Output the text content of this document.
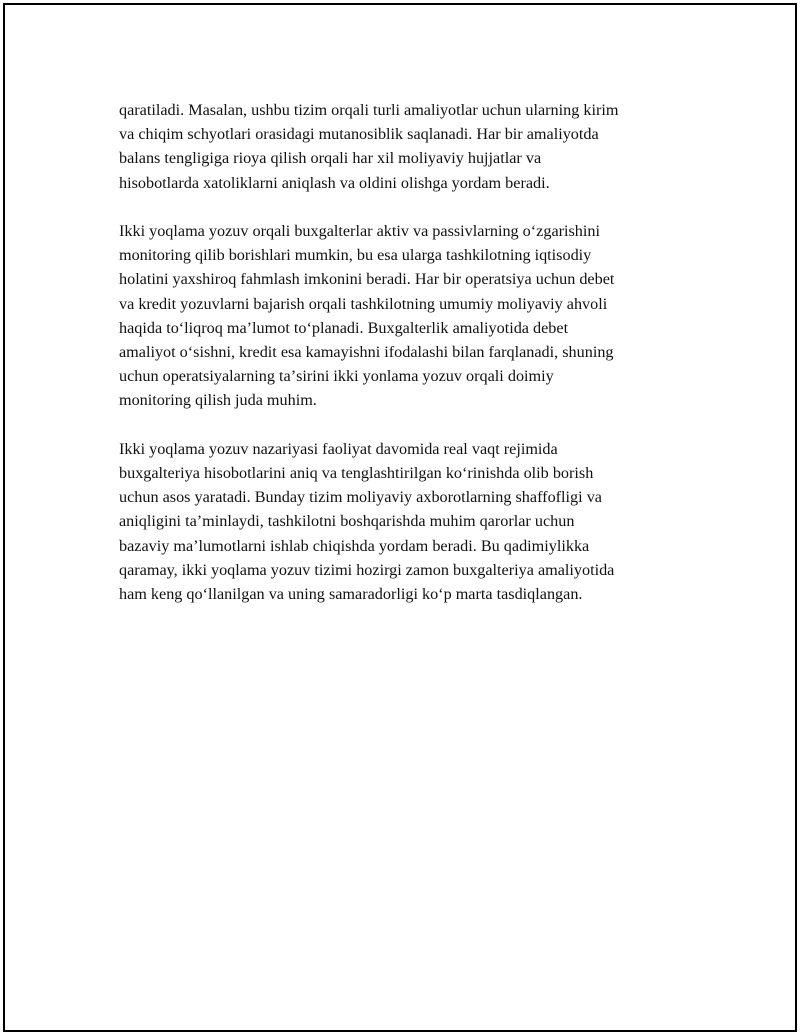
qaratiladi. Masalan, ushbu tizim orqali turli amaliyotlar uchun ularning kirim
va chiqim schyotlari orasidagi mutanosiblik saqlanadi. Har bir amaliyotda
balans tengligiga rioya qilish orqali har xil moliyaviy hujjatlar va
hisobotlarda xatoliklarni aniqlash va oldini olishga yordam beradi.
Ikki yoqlama yozuv orqali buxgalterlar aktiv va passivlarning oʻzgarishini
monitoring qilib borishlari mumkin, bu esa ularga tashkilotning iqtisodiy
holatini yaxshiroq fahmlash imkonini beradi. Har bir operatsiya uchun debet
va kredit yozuvlarni bajarish orqali tashkilotning umumiy moliyaviy ahvoli
haqida toʻliqroq maʼlumot toʻplanadi. Buxgalterlik amaliyotida debet
amaliyot oʻsishni, kredit esa kamayishni ifodalashi bilan farqlanadi, shuning
uchun operatsiyalarning taʼsirini ikki yonlama yozuv orqali doimiy
monitoring qilish juda muhim.
Ikki yoqlama yozuv nazariyasi faoliyat davomida real vaqt rejimida
buxgalteriya hisobotlarini aniq va tenglashtirilgan koʻrinishda olib borish
uchun asos yaratadi. Bunday tizim moliyaviy axborotlarning shaffofligi va
aniqligini taʼminlaydi, tashkilotni boshqarishda muhim qarorlar uchun
bazaviy maʼlumotlarni ishlab chiqishda yordam beradi. Bu qadimiylikka
qaramay, ikki yoqlama yozuv tizimi hozirgi zamon buxgalteriya amaliyotida
ham keng qoʻllanilgan va uning samaradorligi koʻp marta tasdiqlangan.
